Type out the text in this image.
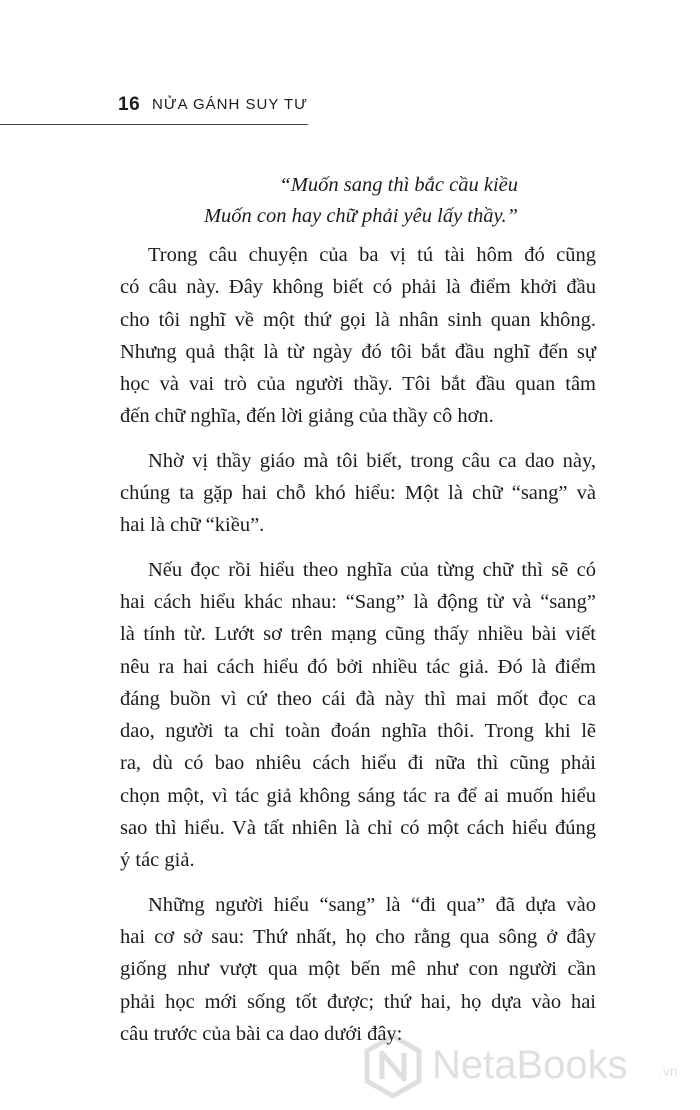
16 NỬA GÁNH SUY TƯ
“Muốn sang thì bắc cầu kiều
Muốn con hay chữ phải yêu lấy thầy.”
Trong câu chuyện của ba vị tú tài hôm đó cũng
có câu này. Đây không biết có phải là điểm khởi đầu
cho tôi nghĩ về một thứ gọi là nhân sinh quan không.
Nhưng quả thật là từ ngày đó tôi bắt đầu nghĩ đến sự
học và vai trò của người thầy. Tôi bắt đầu quan tâm
đến chữ nghĩa, đến lời giảng của thầy cô hơn.
Nhờ vị thầy giáo mà tôi biết, trong câu ca dao này,
chúng ta gặp hai chỗ khó hiểu: Một là chữ “sang” và
hai là chữ “kiều”.
Nếu đọc rồi hiểu theo nghĩa của từng chữ thì sẽ có
hai cách hiểu khác nhau: “Sang” là động từ và “sang”
là tính từ. Lướt sơ trên mạng cũng thấy nhiều bài viết
nêu ra hai cách hiểu đó bởi nhiều tác giả. Đó là điểm
đáng buồn vì cứ theo cái đà này thì mai mốt đọc ca
dao, người ta chỉ toàn đoán nghĩa thôi. Trong khi lẽ
ra, dù có bao nhiêu cách hiểu đi nữa thì cũng phải
chọn một, vì tác giả không sáng tác ra để ai muốn hiểu
sao thì hiểu. Và tất nhiên là chỉ có một cách hiểu đúng
ý tác giả.
Những người hiểu “sang” là “đi qua” đã dựa vào
hai cơ sở sau: Thứ nhất, họ cho rằng qua sông ở đây
giống như vượt qua một bến mê như con người cần
phải học mới sống tốt được; thứ hai, họ dựa vào hai
câu trước của bài ca dao dưới đây:
NetaBooks .vn
